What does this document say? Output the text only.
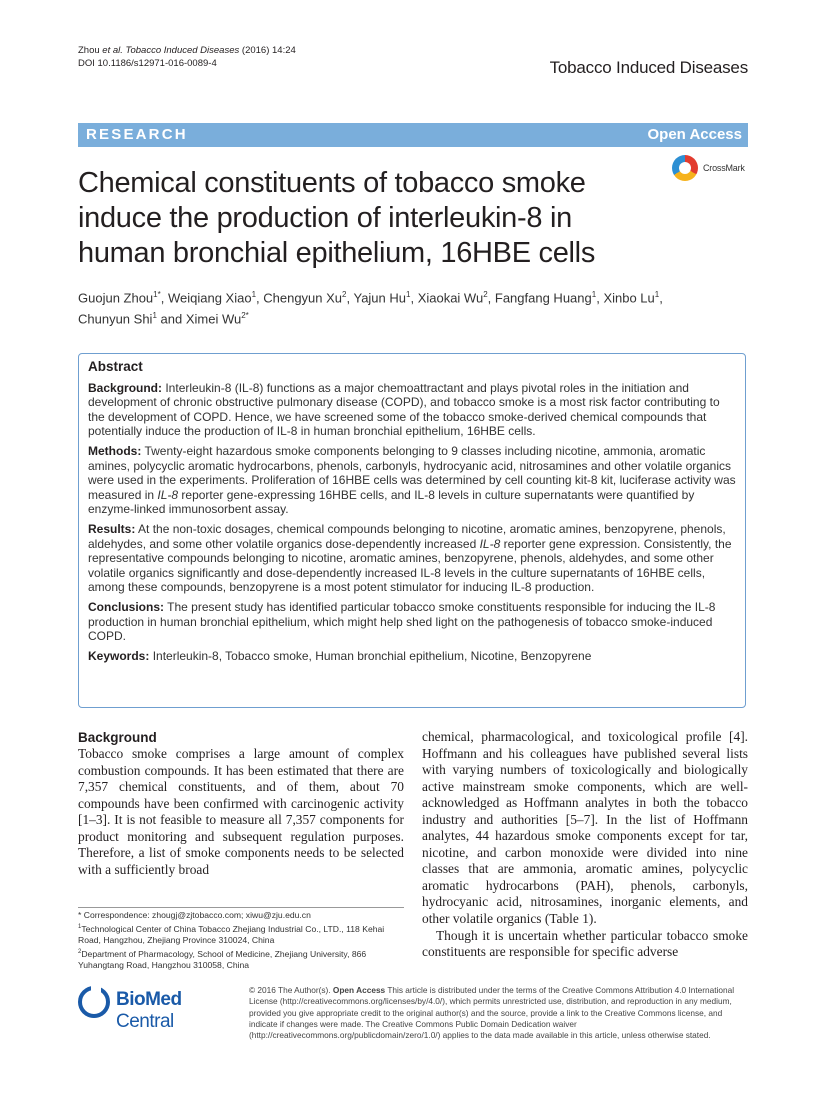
Zhou et al. Tobacco Induced Diseases (2016) 14:24
DOI 10.1186/s12971-016-0089-4	Tobacco Induced Diseases
RESEARCH	Open Access
CrossMark
Chemical constituents of tobacco smoke induce the production of interleukin-8 in human bronchial epithelium, 16HBE cells
Guojun Zhou$^{1*}$, Weiqiang Xiao$^1$, Chengyun Xu$^2$, Yajun Hu$^1$, Xiaokai Wu$^2$, Fangfang Huang$^1$, Xinbo Lu$^1$, Chunyun Shi$^1$ and Ximei $Wu^{2*}$
Abstract

Background: Interleukin-8 (IL-8) functions as a major chemoattractant and plays pivotal roles in the initiation and development of chronic obstructive pulmonary disease (COPD), and tobacco smoke is a most risk factor contributing to the development of COPD. Hence, we have screened some of the tobacco smoke-derived chemical compounds that potentially induce the production of IL-8 in human bronchial epithelium, 16HBE cells.

Methods: Twenty-eight hazardous smoke components belonging to 9 classes including nicotine, ammonia, aromatic amines, polycyclic aromatic hydrocarbons, phenols, carbonyls, hydrocyanic acid, nitrosamines and other volatile organics were used in the experiments. Proliferation of 16HBE cells was determined by cell counting kit-8 kit, luciferase activity was measured in IL-8 reporter gene-expressing 16HBE cells, and IL-8 levels in culture supernatants were quantified by enzyme-linked immunosorbent assay.

Results: At the non-toxic dosages, chemical compounds belonging to nicotine, aromatic amines, benzopyrene, phenols, aldehydes, and some other volatile organics dose-dependently increased IL-8 reporter gene expression. Consistently, the representative compounds belonging to nicotine, aromatic amines, benzopyrene, phenols, aldehydes, and some other volatile organics significantly and dose-dependently increased IL-8 levels in the culture supernatants of 16HBE cells, among these compounds, benzopyrene is a most potent stimulator for inducing IL-8 production.

Conclusions: The present study has identified particular tobacco smoke constituents responsible for inducing the IL-8 production in human bronchial epithelium, which might help shed light on the pathogenesis of tobacco smoke-induced COPD.

Keywords: Interleukin-8, Tobacco smoke, Human bronchial epithelium, Nicotine, Benzopyrene

Background

Tobacco smoke comprises a large amount of complex combustion compounds. It has been estimated that there are 7,357 chemical constituents, and of them, about 70 compounds have been confirmed with carcinogenic activity [1–3]. It is not feasible to measure all 7,357 components for product monitoring and subsequent regulation purposes. Therefore, a list of smoke components needs to be selected with a sufficiently broad

chemical, pharmacological, and toxicological profile [4]. Hoffmann and his colleagues have published several lists with varying numbers of toxicologically and biologically active mainstream smoke components, which are well-acknowledged as Hoffmann analytes in both the tobacco industry and authorities [5–7]. In the list of Hoffmann analytes, 44 hazardous smoke components except for tar, nicotine, and carbon monoxide were divided into nine classes that are ammonia, aromatic amines, polycyclic aromatic hydrocarbons (PAH), phenols, carbonyls, hydrocyanic acid, nitrosamines, inorganic elements, and other volatile organics (Table 1).

Though it is uncertain whether particular tobacco smoke constituents are responsible for specific adverse

* Correspondence: zhougj@zjtobacco.com; xiwu@zju.edu.cn
$^1$Technological Center of China Tobacco Zhejiang Industrial Co., LTD., 118 Kehai Road, Hangzhou, Zhejiang Province 310024, China
$^2$Department of Pharmacology, School of Medicine, Zhejiang University, 866 Yuhangtang Road, Hangzhou 310058, China
BioMed Central
© 2016 The Author(s). Open Access This article is distributed under the terms of the Creative Commons Attribution 4.0 International License (http://creativecommons.org/licenses/by/4.0/), which permits unrestricted use, distribution, and reproduction in any medium, provided you give appropriate credit to the original author(s) and the source, provide a link to the Creative Commons license, and indicate if changes were made. The Creative Commons Public Domain Dedication waiver (http://creativecommons.org/publicdomain/zero/1.0/) applies to the data made available in this article, unless otherwise stated.
